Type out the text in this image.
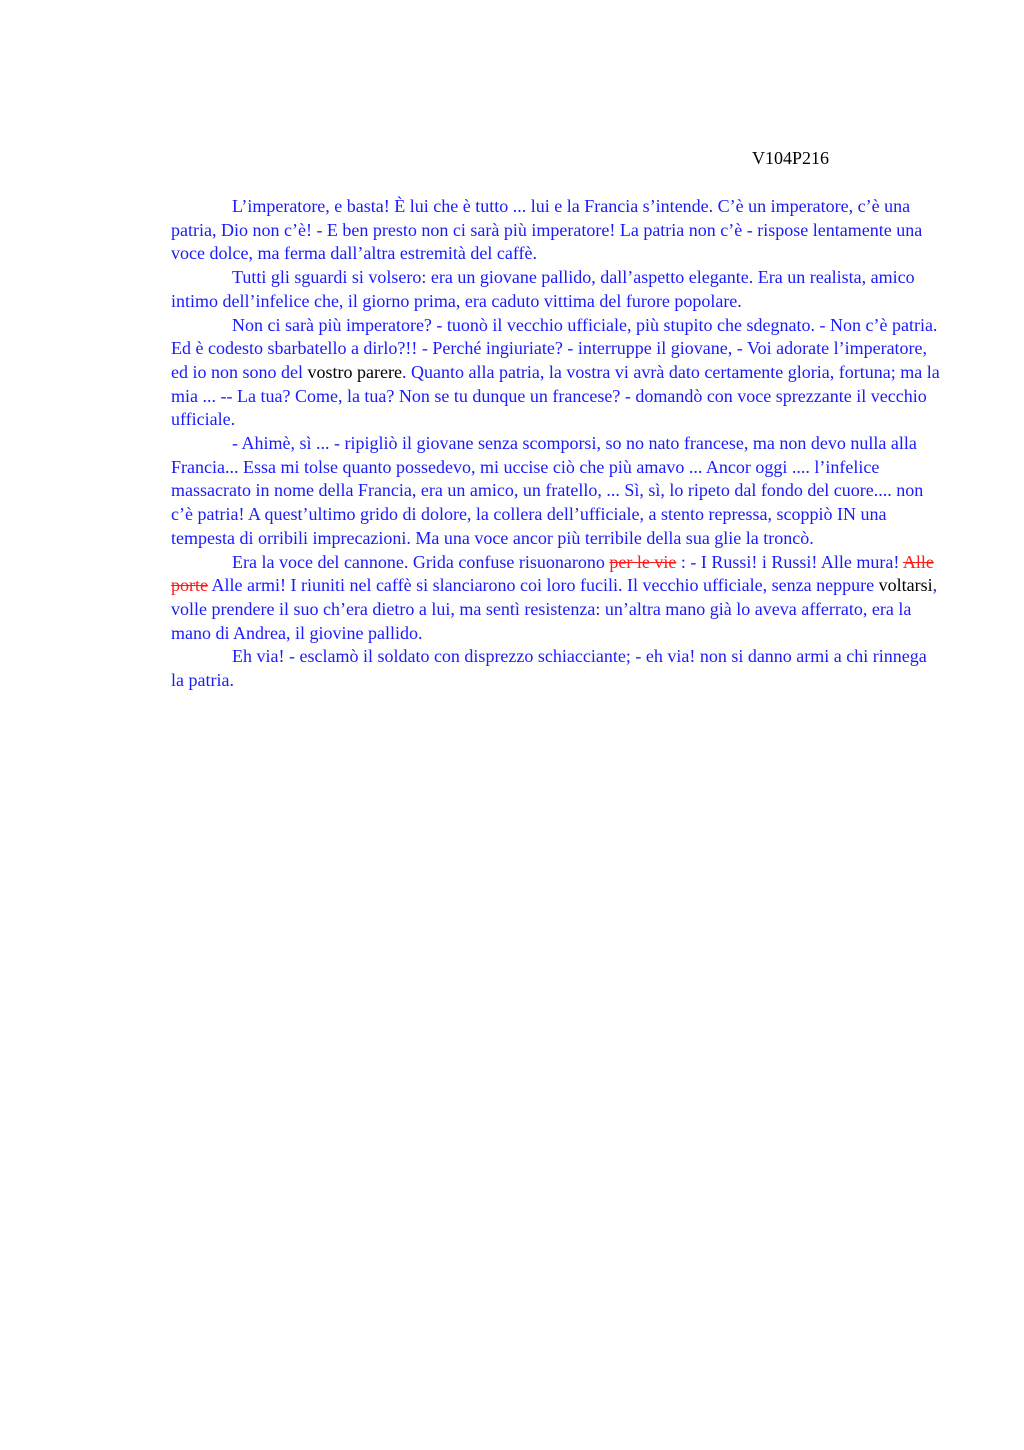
V104P216

L’imperatore, e basta! È lui che è tutto ... lui e la Francia s’intende. C’è un imperatore, c’è una patria, Dio non c’è! - E ben presto non ci sarà più imperatore! La patria non c’è - rispose lentamente una voce dolce, ma ferma dall’altra estremità del caffè.

Tutti gli sguardi si volsero: era un giovane pallido, dall’aspetto elegante. Era un realista, amico intimo dell’infelice che, il giorno prima, era caduto vittima del furore popolare.

Non ci sarà più imperatore? - tuonò il vecchio ufficiale, più stupito che sdegnato. - Non c’è patria. Ed è codesto sbarbatello a dirlo?!! - Perché ingiuriate? - interruppe il giovane, - Voi adorate l’imperatore, ed io non sono del vostro parere. Quanto alla patria, la vostra vi avrà dato certamente gloria, fortuna; ma la mia ... -- La tua? Come, la tua? Non se tu dunque un francese? - domandò con voce sprezzante il vecchio ufficiale.

- Ahimè, sì ... - ripigliò il giovane senza scomporsi, so no nato francese, ma non devo nulla alla Francia... Essa mi tolse quanto possedevo, mi uccise ciò che più amavo ... Ancor oggi .... l’infelice massacrato in nome della Francia, era un amico, un fratello, ... Sì, sì, lo ripeto dal fondo del cuore.... non c’è patria! A quest’ultimo grido di dolore, la collera dell’ufficiale, a stento repressa, scoppiò IN una tempesta di orribili imprecazioni. Ma una voce ancor più terribile della sua glie la troncò.

Era la voce del cannone. Grida confuse risuonarono per le vie : - I Russi! i Russi! Alle mura! Alle porte Alle armi! I riuniti nel caffè si slanciarono coi loro fucili. Il vecchio ufficiale, senza neppure voltarsi, volle prendere il suo ch’era dietro a lui, ma sentì resistenza: un’altra mano già lo aveva afferrato, era la mano di Andrea, il giovine pallido.

Eh via! - esclamò il soldato con disprezzo schiacciante; - eh via! non si danno armi a chi rinnega la patria.
